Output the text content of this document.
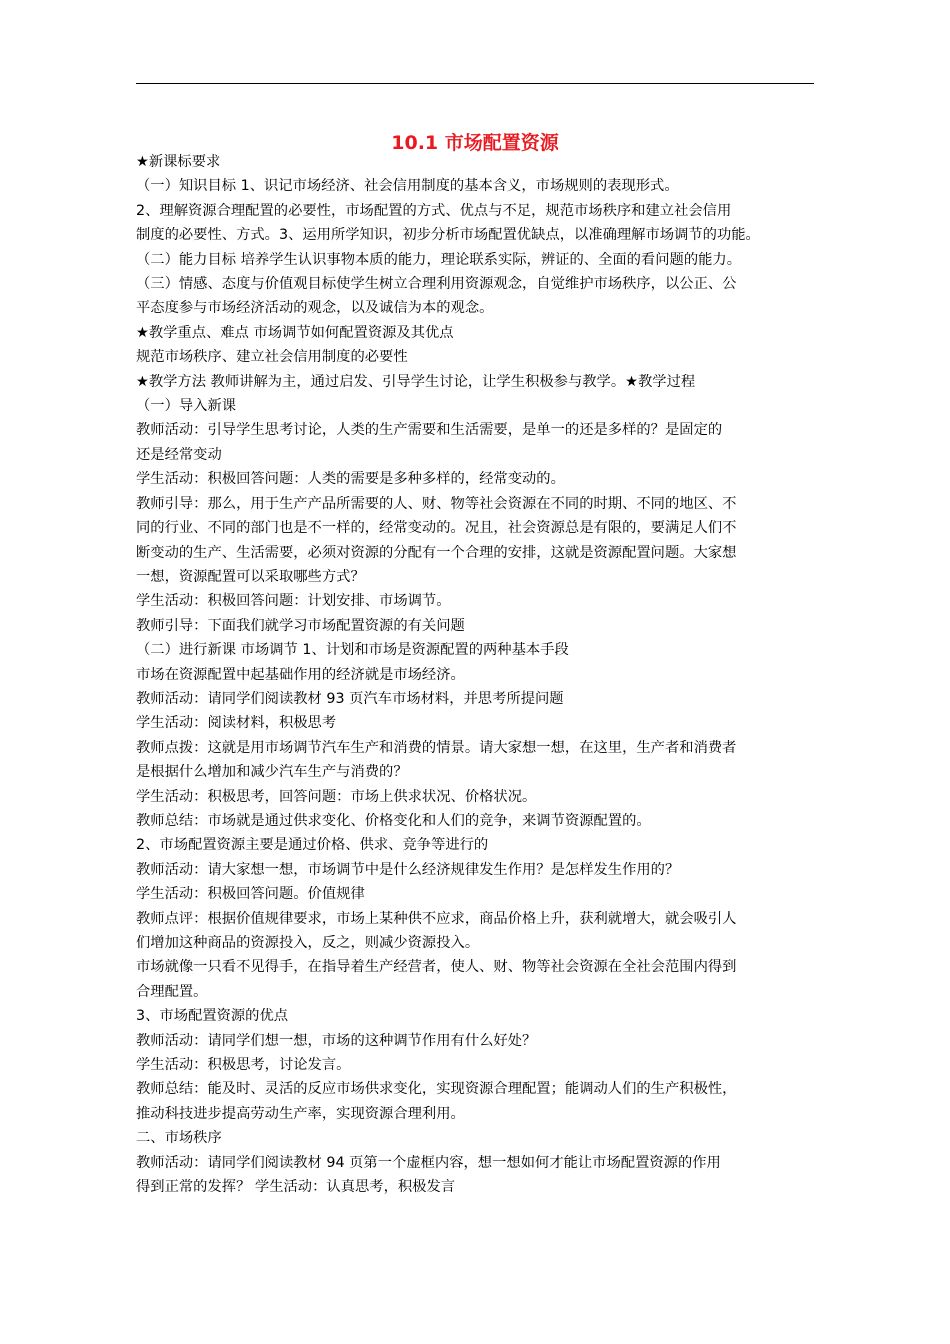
10.1 市场配置资源

★新课标要求

（一）知识目标 1、识记市场经济、社会信用制度的基本含义，市场规则的表现形式。

2、理解资源合理配置的必要性，市场配置的方式、优点与不足，规范市场秩序和建立社会信用

制度的必要性、方式。3、运用所学知识，初步分析市场配置优缺点，以准确理解市场调节的功能。

（二）能力目标 培养学生认识事物本质的能力，理论联系实际，辨证的、全面的看问题的能力。

（三）情感、态度与价值观目标使学生树立合理利用资源观念，自觉维护市场秩序，以公正、公

平态度参与市场经济活动的观念，以及诚信为本的观念。

★教学重点、难点 市场调节如何配置资源及其优点

规范市场秩序、建立社会信用制度的必要性

★教学方法 教师讲解为主，通过启发、引导学生讨论，让学生积极参与教学。★教学过程

（一）导入新课

教师活动：引导学生思考讨论，人类的生产需要和生活需要，是单一的还是多样的？是固定的

还是经常变动

学生活动：积极回答问题：人类的需要是多种多样的，经常变动的。

教师引导：那么，用于生产产品所需要的人、财、物等社会资源在不同的时期、不同的地区、不

同的行业、不同的部门也是不一样的，经常变动的。况且，社会资源总是有限的，要满足人们不

断变动的生产、生活需要，必须对资源的分配有一个合理的安排，这就是资源配置问题。大家想

一想，资源配置可以采取哪些方式？

学生活动：积极回答问题：计划安排、市场调节。

教师引导：下面我们就学习市场配置资源的有关问题

（二）进行新课 市场调节 1、计划和市场是资源配置的两种基本手段

市场在资源配置中起基础作用的经济就是市场经济。

教师活动：请同学们阅读教材 93 页汽车市场材料，并思考所提问题

学生活动：阅读材料，积极思考

教师点拨：这就是用市场调节汽车生产和消费的情景。请大家想一想，在这里，生产者和消费者

是根据什么增加和减少汽车生产与消费的？

学生活动：积极思考，回答问题：市场上供求状况、价格状况。

教师总结：市场就是通过供求变化、价格变化和人们的竞争，来调节资源配置的。

2、市场配置资源主要是通过价格、供求、竞争等进行的

教师活动：请大家想一想，市场调节中是什么经济规律发生作用？是怎样发生作用的？

学生活动：积极回答问题。价值规律

教师点评：根据价值规律要求，市场上某种供不应求，商品价格上升，获利就增大，就会吸引人

们增加这种商品的资源投入，反之，则减少资源投入。

市场就像一只看不见得手，在指导着生产经营者，使人、财、物等社会资源在全社会范围内得到

合理配置。

3、市场配置资源的优点

教师活动：请同学们想一想，市场的这种调节作用有什么好处？

学生活动：积极思考，讨论发言。

教师总结：能及时、灵活的反应市场供求变化，实现资源合理配置；能调动人们的生产积极性，

推动科技进步提高劳动生产率，实现资源合理利用。

二、市场秩序

教师活动：请同学们阅读教材 94 页第一个虚框内容，想一想如何才能让市场配置资源的作用

得到正常的发挥？ 学生活动：认真思考，积极发言
